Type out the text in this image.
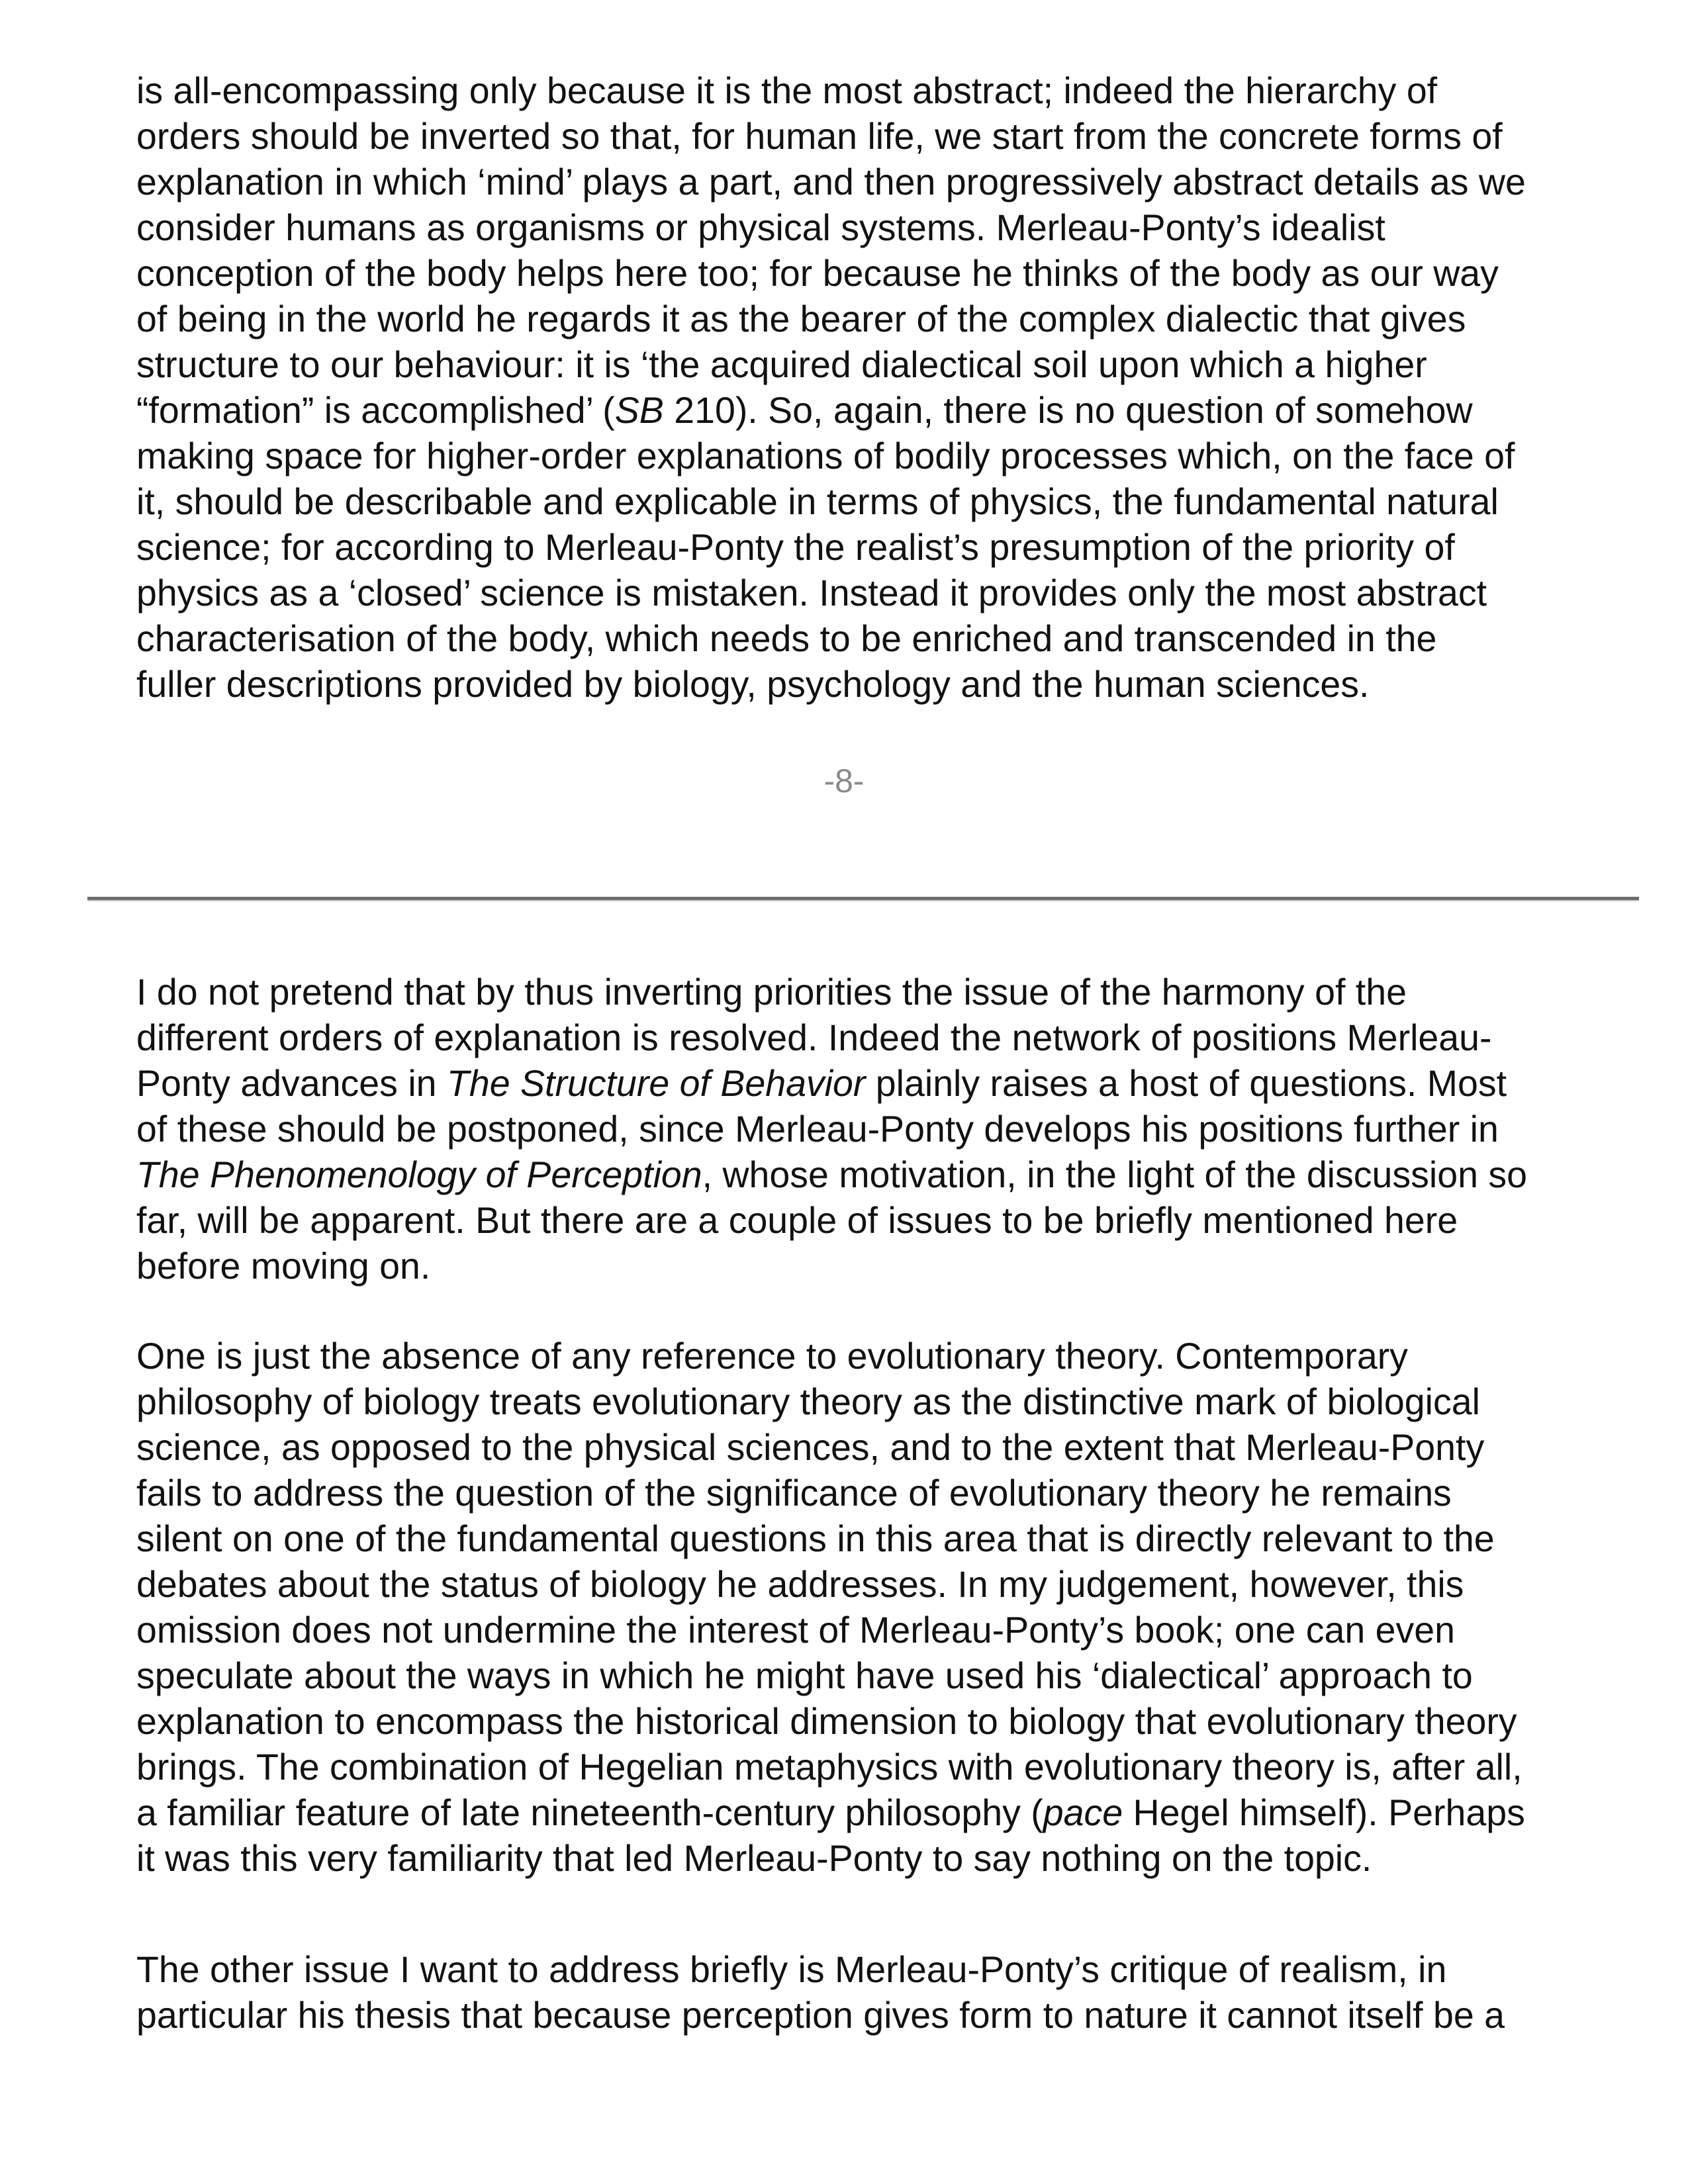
is all-encompassing only because it is the most abstract; indeed the hierarchy of
orders should be inverted so that, for human life, we start from the concrete forms of
explanation in which ‘mind’ plays a part, and then progressively abstract details as we
consider humans as organisms or physical systems. Merleau-Ponty’s idealist
conception of the body helps here too; for because he thinks of the body as our way
of being in the world he regards it as the bearer of the complex dialectic that gives
structure to our behaviour: it is ‘the acquired dialectical soil upon which a higher
“formation” is accomplished’ (SB 210). So, again, there is no question of somehow
making space for higher-order explanations of bodily processes which, on the face of
it, should be describable and explicable in terms of physics, the fundamental natural
science; for according to Merleau-Ponty the realist’s presumption of the priority of
physics as a ‘closed’ science is mistaken. Instead it provides only the most abstract
characterisation of the body, which needs to be enriched and transcended in the
fuller descriptions provided by biology, psychology and the human sciences.

-8-

I do not pretend that by thus inverting priorities the issue of the harmony of the
different orders of explanation is resolved. Indeed the network of positions Merleau-
Ponty advances in The Structure of Behavior plainly raises a host of questions. Most
of these should be postponed, since Merleau-Ponty develops his positions further in
The Phenomenology of Perception, whose motivation, in the light of the discussion so
far, will be apparent. But there are a couple of issues to be briefly mentioned here
before moving on.

One is just the absence of any reference to evolutionary theory. Contemporary
philosophy of biology treats evolutionary theory as the distinctive mark of biological
science, as opposed to the physical sciences, and to the extent that Merleau-Ponty
fails to address the question of the significance of evolutionary theory he remains
silent on one of the fundamental questions in this area that is directly relevant to the
debates about the status of biology he addresses. In my judgement, however, this
omission does not undermine the interest of Merleau-Ponty’s book; one can even
speculate about the ways in which he might have used his ‘dialectical’ approach to
explanation to encompass the historical dimension to biology that evolutionary theory
brings. The combination of Hegelian metaphysics with evolutionary theory is, after all,
a familiar feature of late nineteenth-century philosophy (pace Hegel himself). Perhaps
it was this very familiarity that led Merleau-Ponty to say nothing on the topic.

The other issue I want to address briefly is Merleau-Ponty’s critique of realism, in
particular his thesis that because perception gives form to nature it cannot itself be a
